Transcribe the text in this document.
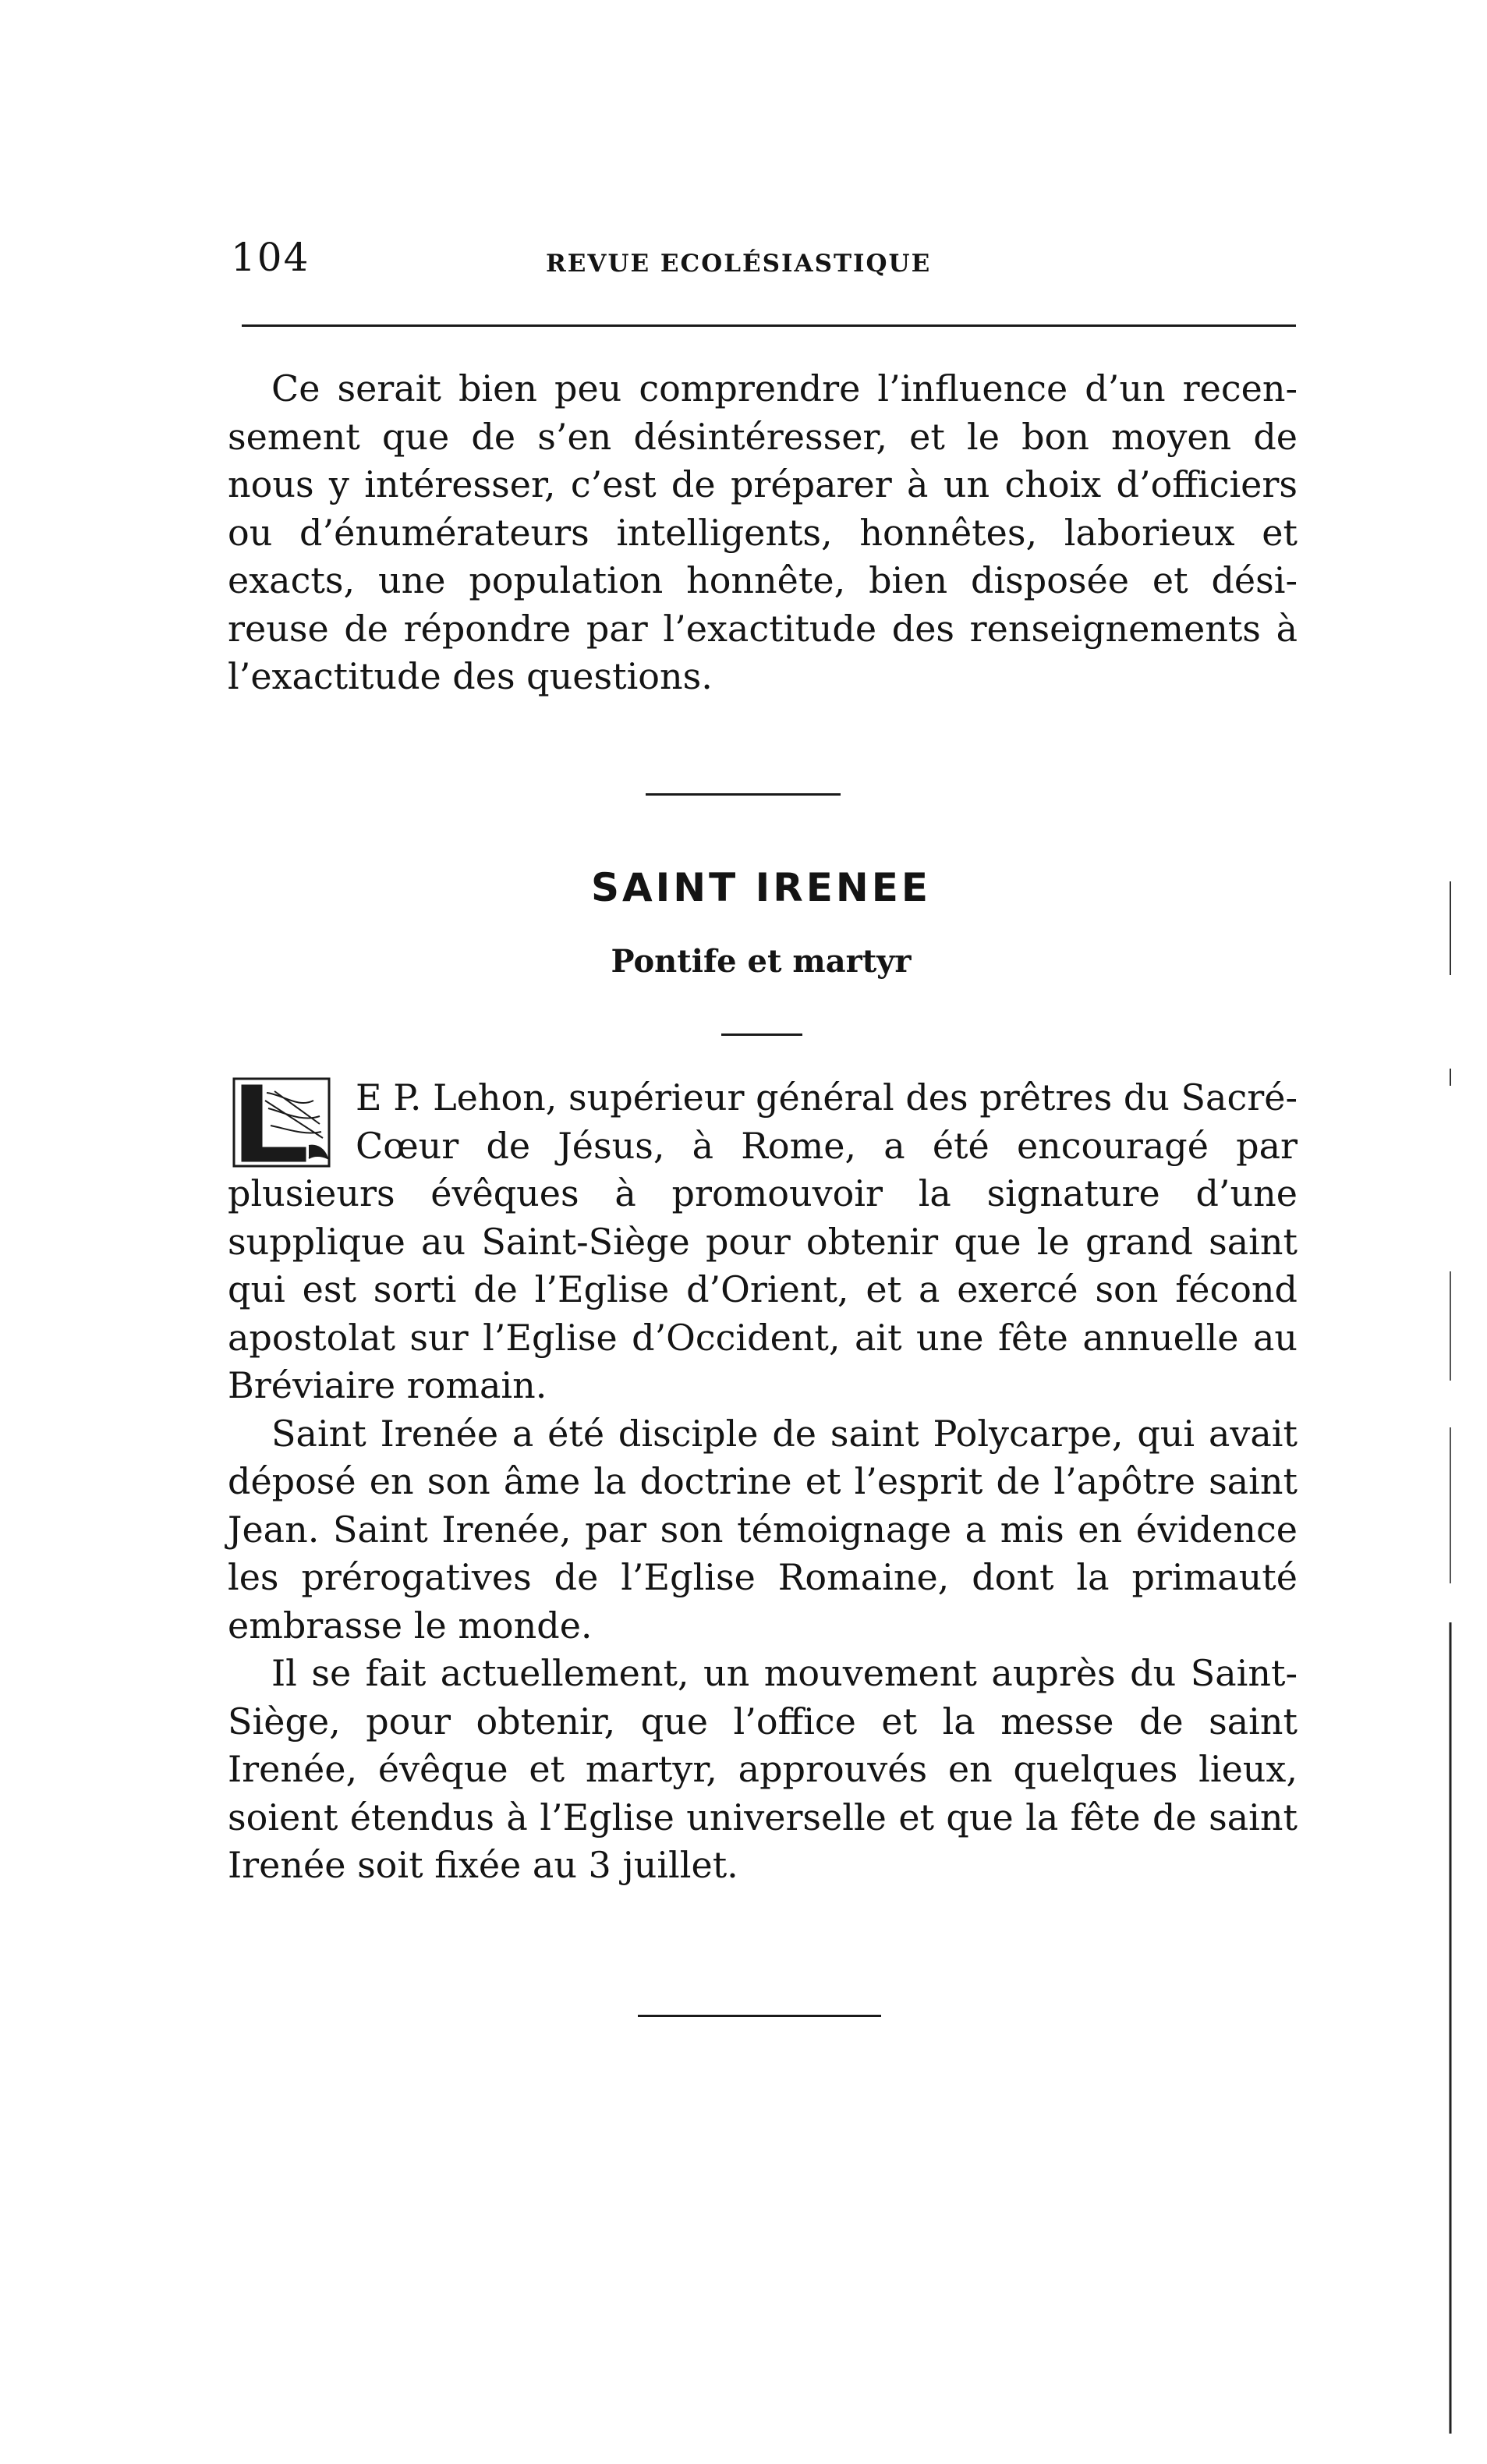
104	REVUE ECOLÉSIASTIQUE

Ce serait bien peu comprendre l’influence d’un recen-sement que de s’en désintéresser, et le bon moyen de nous y intéresser, c’est de préparer à un choix d’officiers ou d’énumérateurs intelligents, honnêtes, laborieux et exacts, une population honnête, bien disposée et dési-reuse de répondre par l’exactitude des renseignements à l’exactitude des questions.

SAINT IRENEE
Pontife et martyr

E P. Lehon, supérieur général des prêtres du Sacré-Cœur de Jésus, à Rome, a été encouragé par plusieurs évêques à promouvoir la signature d’une supplique au Saint-Siège pour obtenir que le grand saint qui est sorti de l’Eglise d’Orient, et a exercé son fécond apostolat sur l’Eglise d’Occident, ait une fête annuelle au Bréviaire romain.

Saint Irenée a été disciple de saint Polycarpe, qui avait déposé en son âme la doctrine et l’esprit de l’apôtre saint Jean. Saint Irenée, par son témoignage a mis en évidence les prérogatives de l’Eglise Romaine, dont la primauté embrasse le monde.

Il se fait actuellement, un mouvement auprès du Saint-Siège, pour obtenir, que l’office et la messe de saint Irenée, évêque et martyr, approuvés en quelques lieux, soient étendus à l’Eglise universelle et que la fête de saint Irenée soit fixée au 3 juillet.
